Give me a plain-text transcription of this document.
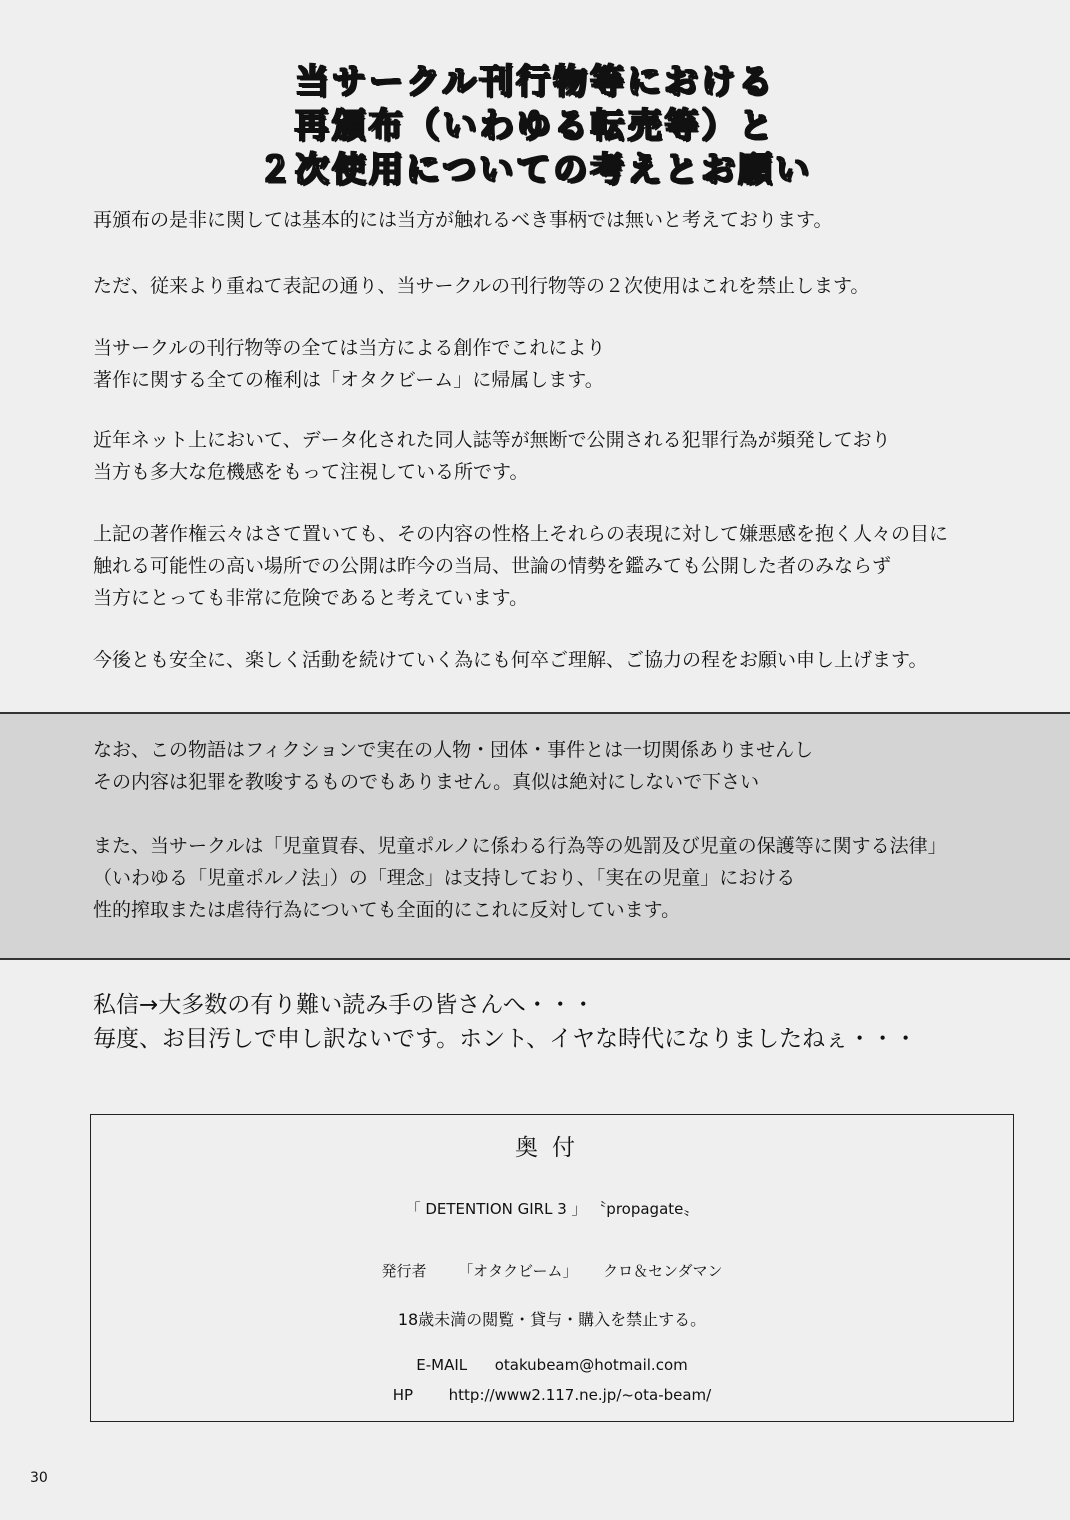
当サークル刊行物等における
再頒布（いわゆる転売等）と
２次使用についての考えとお願い

再頒布の是非に関しては基本的には当方が触れるべき事柄では無いと考えております。

ただ、従来より重ねて表記の通り、当サークルの刊行物等の２次使用はこれを禁止します。

当サークルの刊行物等の全ては当方による創作でこれにより

著作に関する全ての権利は「オタクビーム」に帰属します。

近年ネット上において、データ化された同人誌等が無断で公開される犯罪行為が頻発しており

当方も多大な危機感をもって注視している所です。

上記の著作権云々はさて置いても、その内容の性格上それらの表現に対して嫌悪感を抱く人々の目に

触れる可能性の高い場所での公開は昨今の当局、世論の情勢を鑑みても公開した者のみならず

当方にとっても非常に危険であると考えています。

今後とも安全に、楽しく活動を続けていく為にも何卒ご理解、ご協力の程をお願い申し上げます。

なお、この物語はフィクションで実在の人物・団体・事件とは一切関係ありませんし

その内容は犯罪を教唆するものでもありません。真似は絶対にしないで下さい

また、当サークルは「児童買春、児童ポルノに係わる行為等の処罰及び児童の保護等に関する法律」

（いわゆる「児童ポルノ法」）の「理念」は支持しており、「実在の児童」における

性的搾取または虐待行為についても全面的にこれに反対しています。

私信→大多数の有り難い読み手の皆さんへ・・・

毎度、お目汚しで申し訳ないです。ホント、イヤな時代になりましたねぇ・・・

奥付
「 DETENTION GIRL 3 」 〝propagate〟
発行者 「オタクビーム」 クロ＆センダマン
18歳未満の閲覧・貸与・購入を禁止する。
E-MAIL otakubeam@hotmail.com
HP http://www2.117.ne.jp/~ota-beam/
30
